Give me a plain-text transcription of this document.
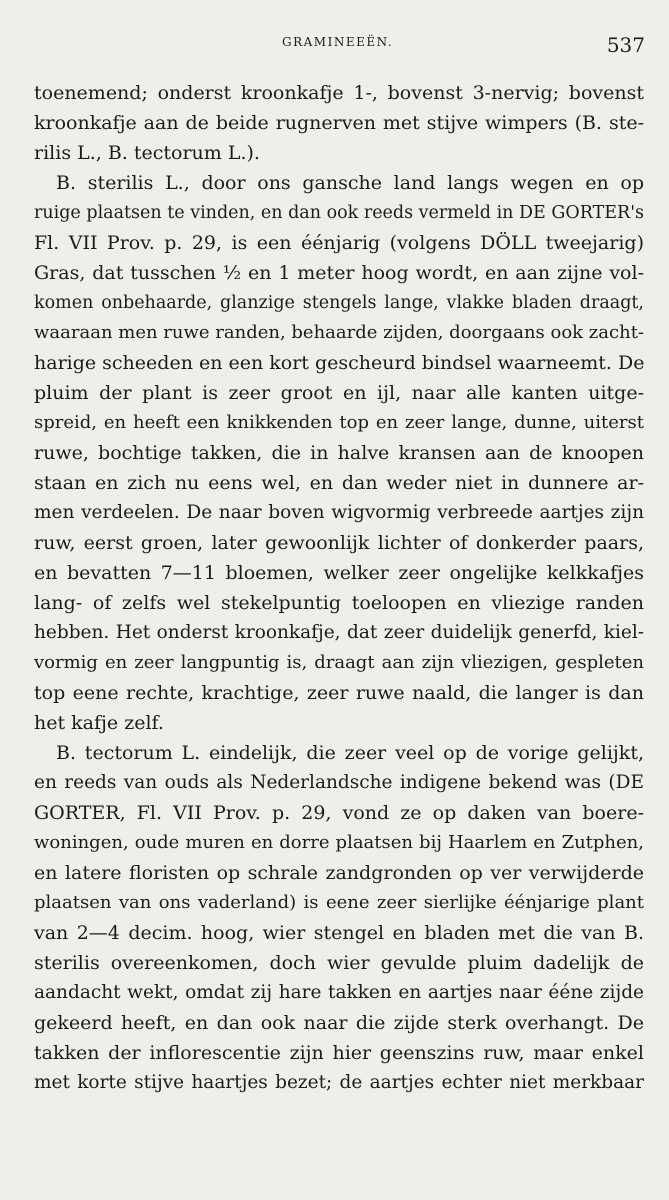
GRAMINEEËN.	537
toenemend; onderst kroonkafje 1-, bovenst 3-nervig; bovenst
kroonkafje aan de beide rugnerven met stijve wimpers (B. ste-
rilis L., B. tectorum L.).
B. sterilis L., door ons gansche land langs wegen en op
ruige plaatsen te vinden, en dan ook reeds vermeld in DE GORTER's
Fl. VII Prov. p. 29, is een éénjarig (volgens DÖLL tweejarig)
Gras, dat tusschen ½ en 1 meter hoog wordt, en aan zijne vol-
komen onbehaarde, glanzige stengels lange, vlakke bladen draagt,
waaraan men ruwe randen, behaarde zijden, doorgaans ook zacht-
harige scheeden en een kort gescheurd bindsel waarneemt. De
pluim der plant is zeer groot en ijl, naar alle kanten uitge-
spreid, en heeft een knikkenden top en zeer lange, dunne, uiterst
ruwe, bochtige takken, die in halve kransen aan de knoopen
staan en zich nu eens wel, en dan weder niet in dunnere ar-
men verdeelen. De naar boven wigvormig verbreede aartjes zijn
ruw, eerst groen, later gewoonlijk lichter of donkerder paars,
en bevatten 7—11 bloemen, welker zeer ongelijke kelkkafjes
lang- of zelfs wel stekelpuntig toeloopen en vliezige randen
hebben. Het onderst kroonkafje, dat zeer duidelijk generfd, kiel-
vormig en zeer langpuntig is, draagt aan zijn vliezigen, gespleten
top eene rechte, krachtige, zeer ruwe naald, die langer is dan
het kafje zelf.
B. tectorum L. eindelijk, die zeer veel op de vorige gelijkt,
en reeds van ouds als Nederlandsche indigene bekend was (DE
GORTER, Fl. VII Prov. p. 29, vond ze op daken van boere-
woningen, oude muren en dorre plaatsen bij Haarlem en Zutphen,
en latere floristen op schrale zandgronden op ver verwijderde
plaatsen van ons vaderland) is eene zeer sierlijke éénjarige plant
van 2—4 decim. hoog, wier stengel en bladen met die van B.
sterilis overeenkomen, doch wier gevulde pluim dadelijk de
aandacht wekt, omdat zij hare takken en aartjes naar ééne zijde
gekeerd heeft, en dan ook naar die zijde sterk overhangt. De
takken der inflorescentie zijn hier geenszins ruw, maar enkel
met korte stijve haartjes bezet; de aartjes echter niet merkbaar
